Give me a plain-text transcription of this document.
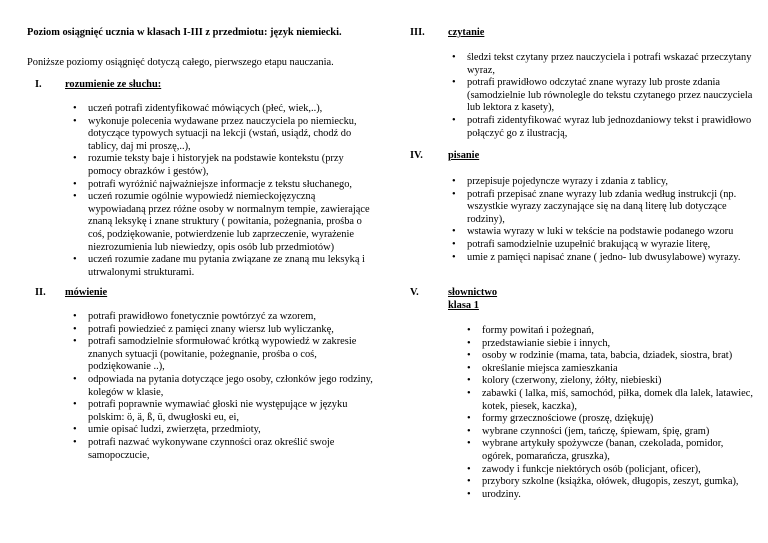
Poziom osiągnięć ucznia w klasach I-III z przedmiotu: język niemiecki.
Poniższe poziomy osiągnięć dotyczą całego, pierwszego etapu nauczania.
I. rozumienie ze słuchu:
• uczeń potrafi zidentyfikować mówiących (płeć, wiek,..),
• wykonuje polecenia wydawane przez nauczyciela po niemiecku, dotyczące typowych sytuacji na lekcji (wstań, usiądź, chodź do tablicy, daj mi proszę,..),
• rozumie teksty baje i historyjek na podstawie kontekstu (przy pomocy obrazków i gestów),
• potrafi wyróżnić najważniejsze informacje z tekstu słuchanego,
• uczeń rozumie ogólnie wypowiedź niemieckojęzyczną wypowiadaną przez różne osoby w normalnym tempie, zawierające znaną leksykę i znane struktury ( powitania, pożegnania, prośba o coś, podziękowanie, potwierdzenie lub zaprzeczenie, wyrażenie niezrozumienia lub niewiedzy, opis osób lub przedmiotów)
• uczeń rozumie zadane mu pytania związane ze znaną mu leksyką i utrwalonymi strukturami.
II. mówienie
• potrafi prawidłowo fonetycznie powtórzyć za wzorem,
• potrafi powiedzieć z pamięci znany wiersz lub wyliczankę,
• potrafi samodzielnie sformułować krótką wypowiedź w zakresie znanych sytuacji (powitanie, pożegnanie, prośba o coś, podziękowanie ..),
• odpowiada na pytania dotyczące jego osoby, członków jego rodziny, kolegów w klasie,
• potrafi poprawnie wymawiać głoski nie występujące w języku polskim: ö, ä, ß, ü, dwugłoski eu, ei,
• umie opisać ludzi, zwierzęta, przedmioty,
• potrafi nazwać wykonywane czynności oraz określić swoje samopoczucie,
III. czytanie
• śledzi tekst czytany przez nauczyciela i potrafi wskazać przeczytany wyraz,
• potrafi prawidłowo odczytać znane wyrazy lub proste zdania (samodzielnie lub równolegle do tekstu czytanego przez nauczyciela lub lektora z kasety),
• potrafi zidentyfikować wyraz lub jednozdaniowy tekst i prawidłowo połączyć go z ilustracją,
IV. pisanie
• przepisuje pojedyncze wyrazy i zdania z tablicy,
• potrafi przepisać znane wyrazy lub zdania według instrukcji (np. wszystkie wyrazy zaczynające się na daną literę lub dotyczące rodziny),
• wstawia wyrazy w luki w tekście na podstawie podanego wzoru
• potrafi samodzielnie uzupełnić brakującą w wyrazie literę,
• umie z pamięci napisać znane ( jedno- lub dwusylabowe) wyrazy.
V.	słownictwo
klasa 1
• formy powitań i pożegnań,
• przedstawianie siebie i innych,
• osoby w rodzinie (mama, tata, babcia, dziadek, siostra, brat)
• określanie miejsca zamieszkania
• kolory (czerwony, zielony, żółty, niebieski)
• zabawki ( lalka, miś, samochód, piłka, domek dla lalek, latawiec, kotek, piesek, kaczka),
• formy grzecznościowe (proszę, dziękuję)
• wybrane czynności (jem, tańczę, śpiewam, śpię, gram)
• wybrane artykuły spożywcze (banan, czekolada, pomidor, ogórek, pomarańcza, gruszka),
• zawody i funkcje niektórych osób (policjant, oficer),
• przybory szkolne (książka, ołówek, długopis, zeszyt, gumka),
• urodziny.
